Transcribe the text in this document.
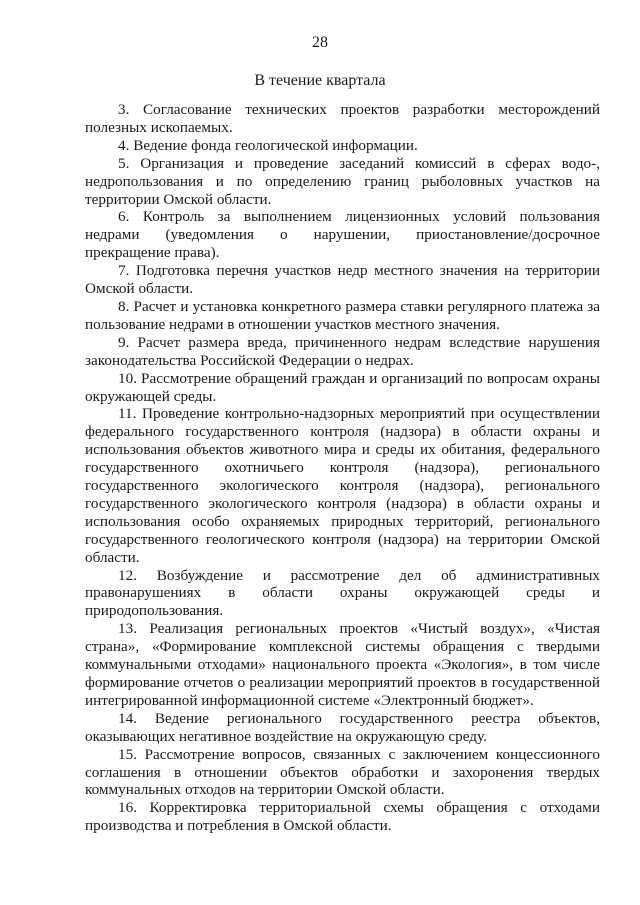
28
В течение квартала

3. Согласование технических проектов разработки месторождений полезных ископаемых.

4. Ведение фонда геологической информации.

5. Организация и проведение заседаний комиссий в сферах водо-, недропользования и по определению границ рыболовных участков на территории Омской области.

6. Контроль за выполнением лицензионных условий пользования недрами (уведомления о нарушении, приостановление/досрочное прекращение права).

7. Подготовка перечня участков недр местного значения на территории Омской области.

8. Расчет и установка конкретного размера ставки регулярного платежа за пользование недрами в отношении участков местного значения.

9. Расчет размера вреда, причиненного недрам вследствие нарушения законодательства Российской Федерации о недрах.

10. Рассмотрение обращений граждан и организаций по вопросам охраны окружающей среды.

11. Проведение контрольно-надзорных мероприятий при осуществлении федерального государственного контроля (надзора) в области охраны и использования объектов животного мира и среды их обитания, федерального государственного охотничьего контроля (надзора), регионального государственного экологического контроля (надзора), регионального государственного экологического контроля (надзора) в области охраны и использования особо охраняемых природных территорий, регионального государственного геологического контроля (надзора) на территории Омской области.

12. Возбуждение и рассмотрение дел об административных правонарушениях в области охраны окружающей среды и природопользования.

13. Реализация региональных проектов «Чистый воздух», «Чистая страна», «Формирование комплексной системы обращения с твердыми коммунальными отходами» национального проекта «Экология», в том числе формирование отчетов о реализации мероприятий проектов в государственной интегрированной информационной системе «Электронный бюджет».

14. Ведение регионального государственного реестра объектов, оказывающих негативное воздействие на окружающую среду.

15. Рассмотрение вопросов, связанных с заключением концессионного соглашения в отношении объектов обработки и захоронения твердых коммунальных отходов на территории Омской области.

16. Корректировка территориальной схемы обращения с отходами производства и потребления в Омской области.
